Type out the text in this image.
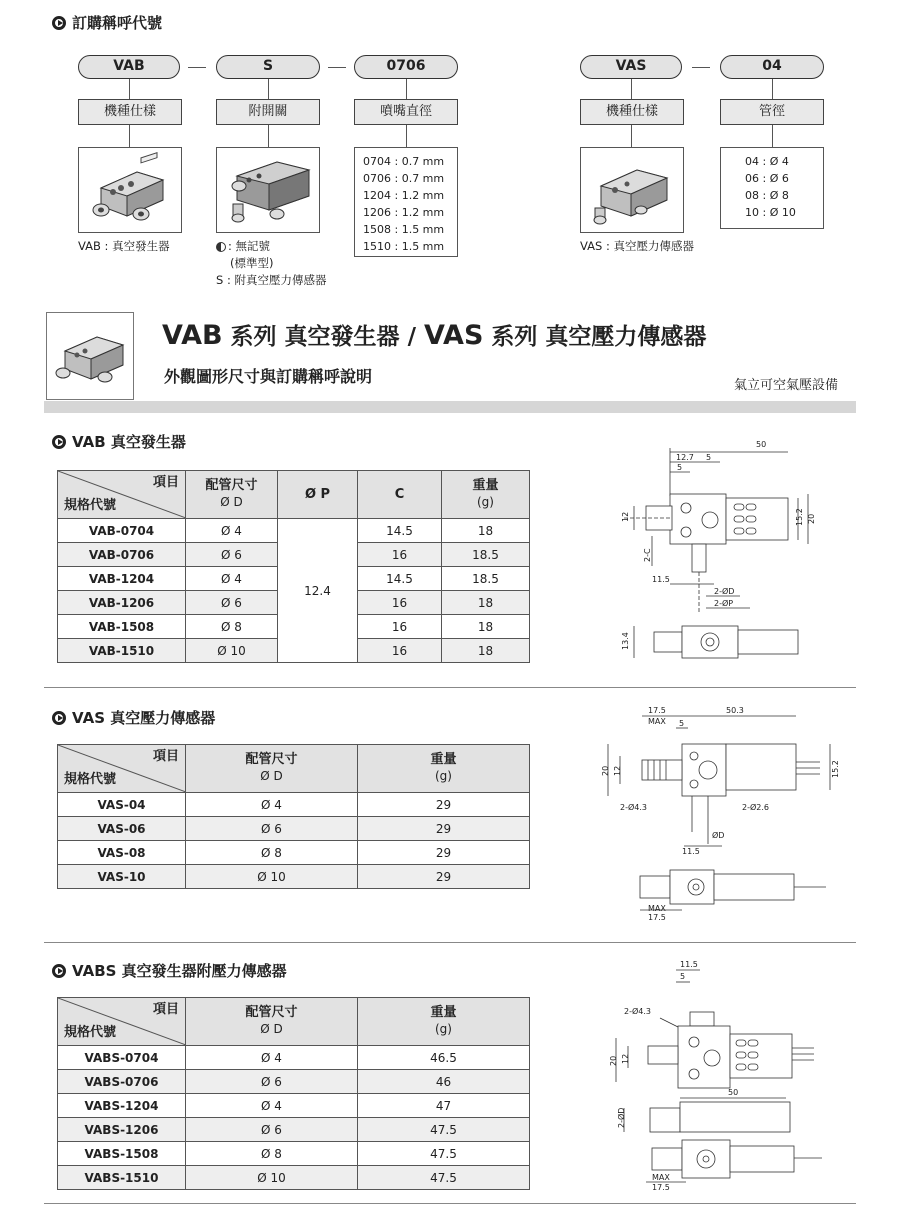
訂購稱呼代號
VAB	S	0706
機種仕樣	附開關	噴嘴直徑
0704 : 0.7 mm
0706 : 0.7 mm
1204 : 1.2 mm
1206 : 1.2 mm
1508 : 1.5 mm
1510 : 1.5 mm
VAB : 真空發生器	: 無記號
(標準型)
S : 附真空壓力傳感器
VAS	04
機種仕樣	管徑
04 : Ø 4
06 : Ø 6
08 : Ø 8
10 : Ø 10
VAS : 真空壓力傳感器
VAB 系列 真空發生器 / VAS 系列 真空壓力傳感器
外觀圖形尺寸與訂購稱呼說明	氣立可空氣壓設備
VAB 真空發生器
項目
規格代號	配管尺寸
Ø D	Ø P	C	重量
(g)
VAB-0704	Ø 4	12.4	14.5	18
VAB-0706	Ø 6		16	18.5
VAB-1204	Ø 4		14.5	18.5
VAB-1206	Ø 6		16	18
VAB-1508	Ø 8		16	18
VAB-1510	Ø 10		16	18
50
12.7 5
5
12	15.2 20
2-C
11.5
2-ØD
2-ØP
13.4
VAS 真空壓力傳感器
項目
規格代號	配管尺寸
Ø D	重量
(g)
VAS-04	Ø 4	29
VAS-06	Ø 6	29
VAS-08	Ø 8	29
VAS-10	Ø 10	29
17.5
MAX 5
50.3
20 12	15.2
2-Ø4.3	2-Ø2.6
ØD
11.5
MAX
17.5
VABS 真空發生器附壓力傳感器
項目
規格代號	配管尺寸
Ø D	重量
(g)
VABS-0704	Ø 4	46.5
VABS-0706	Ø 6	46
VABS-1204	Ø 4	47
VABS-1206	Ø 6	47.5
VABS-1508	Ø 8	47.5
VABS-1510	Ø 10	47.5
11.5
5
2-Ø4.3
20 12
50
2-ØD
MAX
17.5
